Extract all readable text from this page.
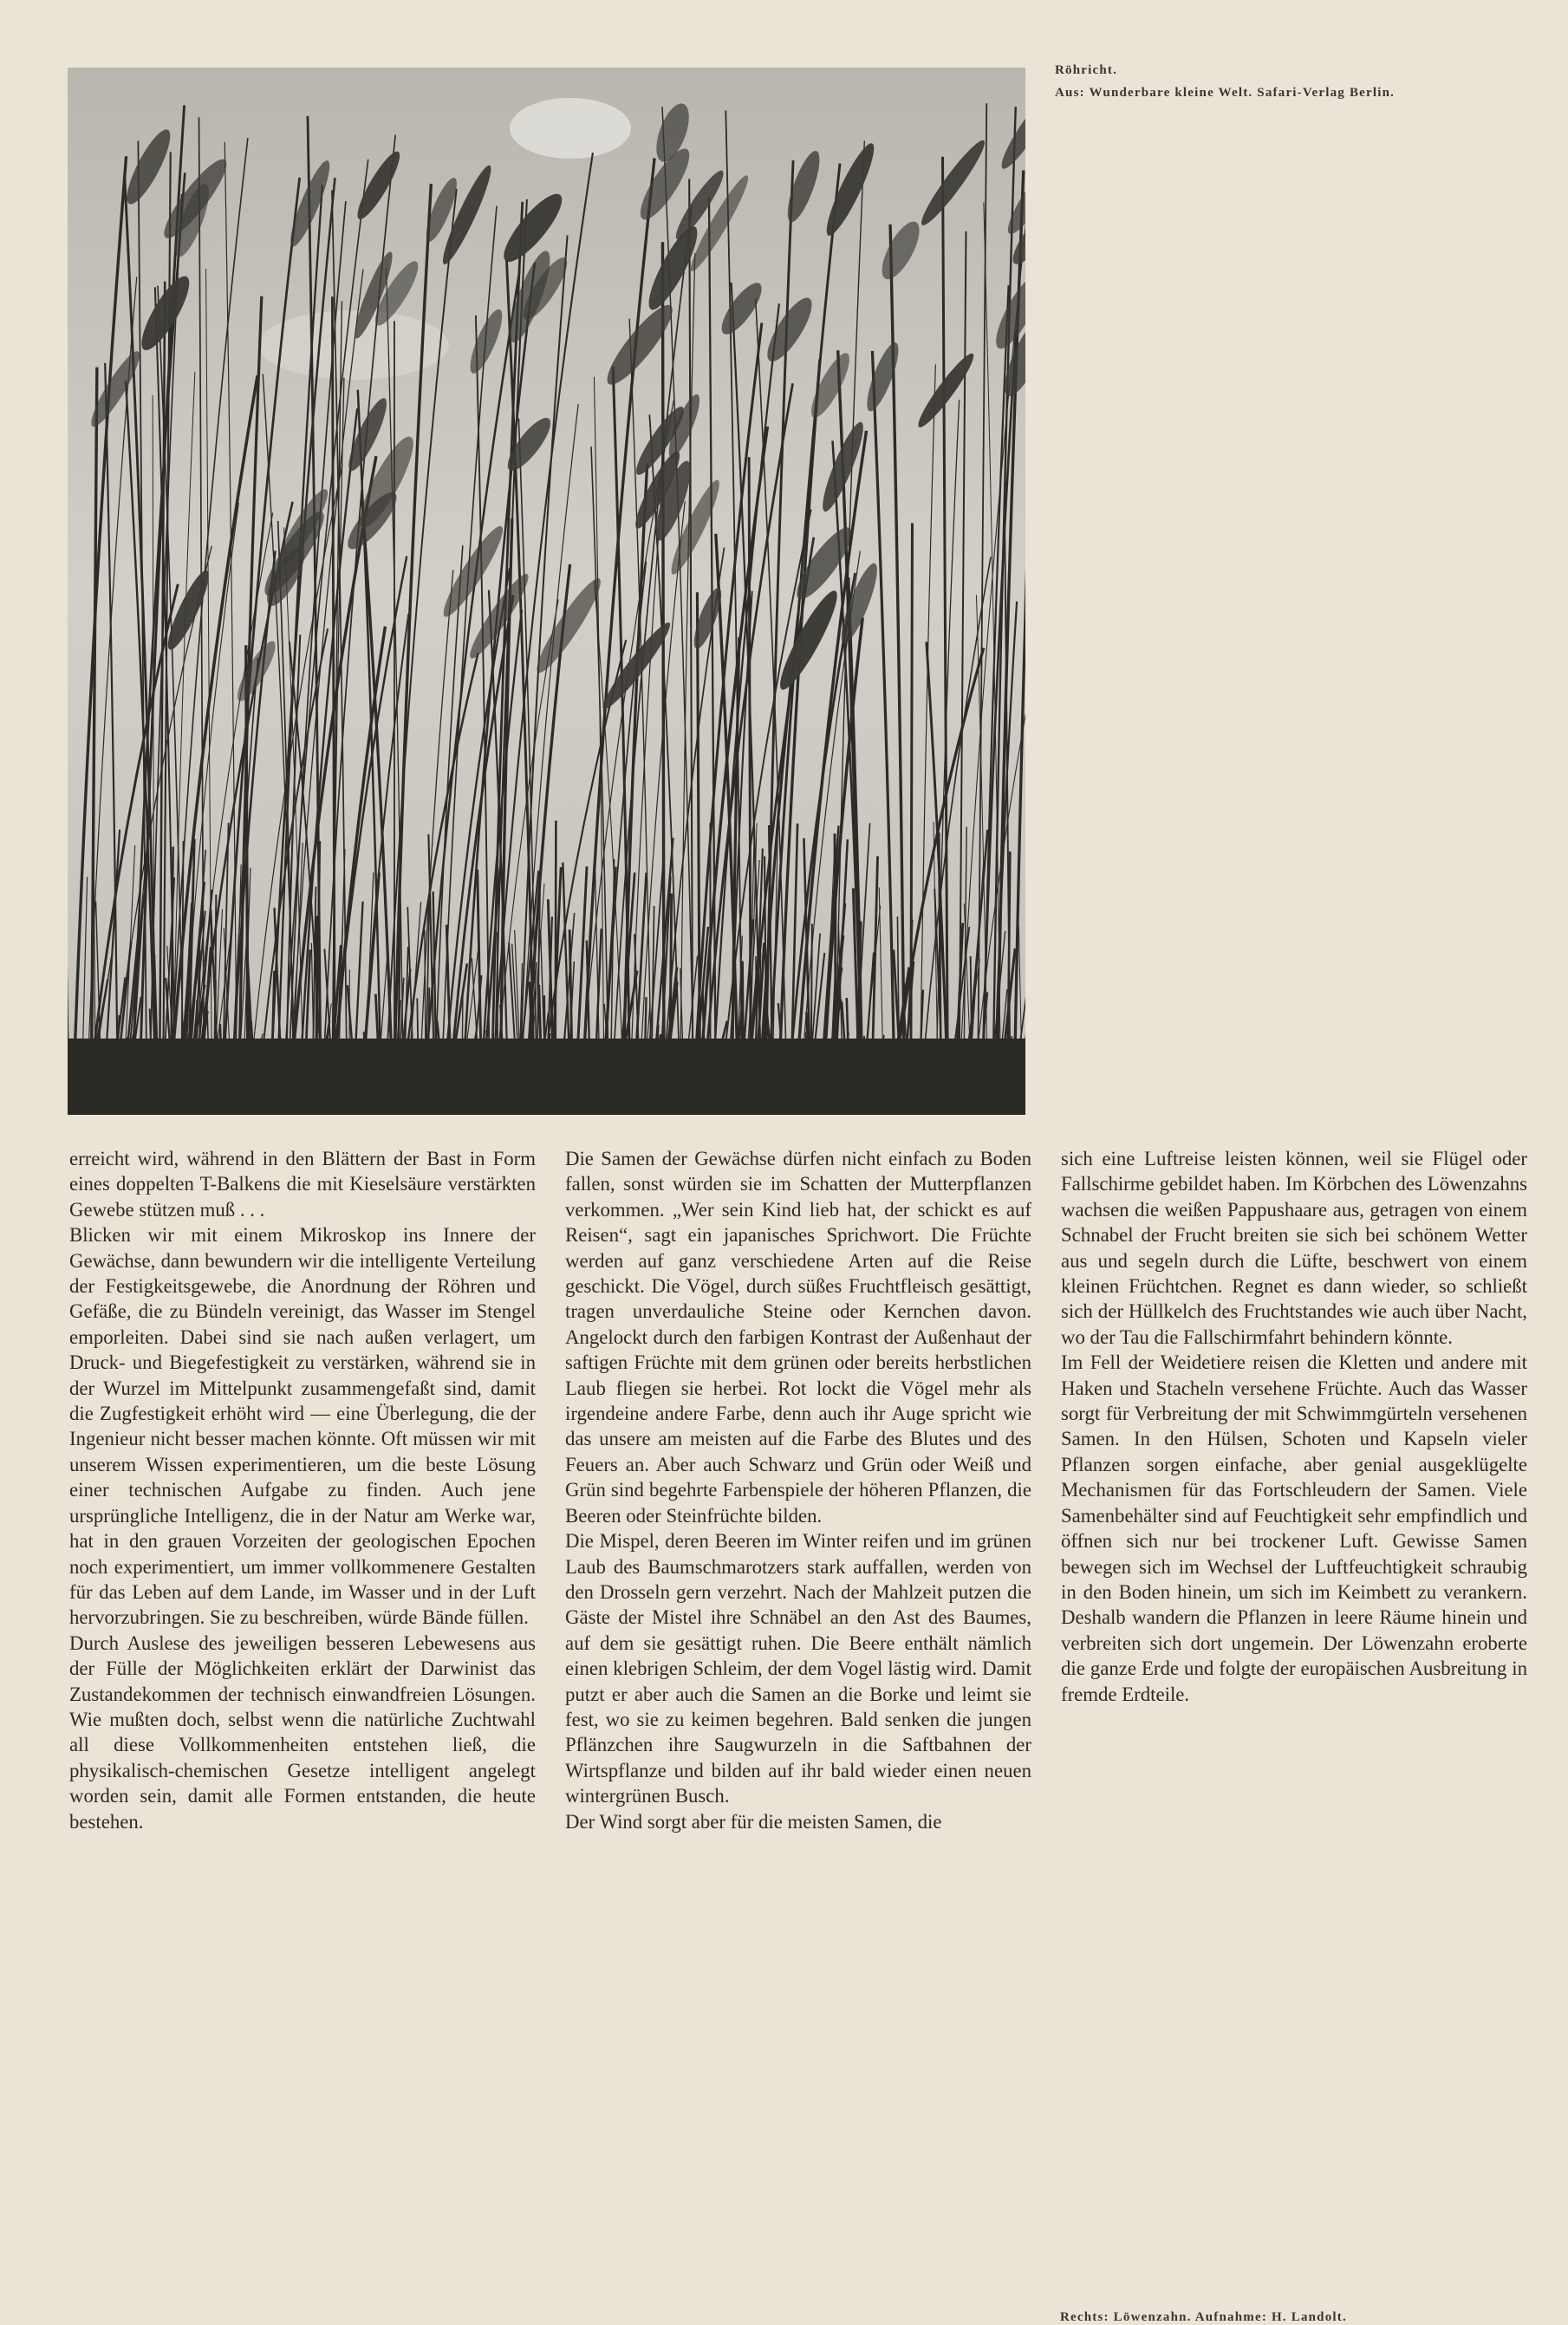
Röhricht.
Aus: Wunderbare kleine Welt. Safari-Verlag Berlin.

erreicht wird, während in den Blättern der Bast in Form eines doppelten T-Balkens die mit Kieselsäure verstärkten Gewebe stützen muß . . .

Blicken wir mit einem Mikroskop ins Innere der Gewächse, dann bewundern wir die intelligente Verteilung der Festigkeitsgewebe, die Anordnung der Röhren und Gefäße, die zu Bündeln vereinigt, das Wasser im Stengel emporleiten. Dabei sind sie nach außen verlagert, um Druck- und Biegefestigkeit zu verstärken, während sie in der Wurzel im Mittelpunkt zusammengefaßt sind, damit die Zugfestigkeit erhöht wird — eine Überlegung, die der Ingenieur nicht besser machen könnte. Oft müssen wir mit unserem Wissen experimentieren, um die beste Lösung einer technischen Aufgabe zu finden. Auch jene ursprüngliche Intelligenz, die in der Natur am Werke war, hat in den grauen Vorzeiten der geologischen Epochen noch experimentiert, um immer vollkommenere Gestalten für das Leben auf dem Lande, im Wasser und in der Luft hervorzubringen. Sie zu beschreiben, würde Bände füllen.

Durch Auslese des jeweiligen besseren Lebewesens aus der Fülle der Möglichkeiten erklärt der Darwinist das Zustandekommen der technisch einwandfreien Lösungen. Wie mußten doch, selbst wenn die natürliche Zuchtwahl all diese Vollkommenheiten entstehen ließ, die physikalisch-chemischen Gesetze intelligent angelegt worden sein, damit alle Formen entstanden, die heute bestehen.

Die Samen der Gewächse dürfen nicht einfach zu Boden fallen, sonst würden sie im Schatten der Mutterpflanzen verkommen. „Wer sein Kind lieb hat, der schickt es auf Reisen“, sagt ein japanisches Sprichwort. Die Früchte werden auf ganz verschiedene Arten auf die Reise geschickt. Die Vögel, durch süßes Fruchtfleisch gesättigt, tragen unverdauliche Steine oder Kernchen davon. Angelockt durch den farbigen Kontrast der Außenhaut der saftigen Früchte mit dem grünen oder bereits herbstlichen Laub fliegen sie herbei. Rot lockt die Vögel mehr als irgendeine andere Farbe, denn auch ihr Auge spricht wie das unsere am meisten auf die Farbe des Blutes und des Feuers an. Aber auch Schwarz und Grün oder Weiß und Grün sind begehrte Farbenspiele der höheren Pflanzen, die Beeren oder Steinfrüchte bilden.

Die Mispel, deren Beeren im Winter reifen und im grünen Laub des Baumschmarotzers stark auffallen, werden von den Drosseln gern verzehrt. Nach der Mahlzeit putzen die Gäste der Mistel ihre Schnäbel an den Ast des Baumes, auf dem sie gesättigt ruhen. Die Beere enthält nämlich einen klebrigen Schleim, der dem Vogel lästig wird. Damit putzt er aber auch die Samen an die Borke und leimt sie fest, wo sie zu keimen begehren. Bald senken die jungen Pflänzchen ihre Saugwurzeln in die Saftbahnen der Wirtspflanze und bilden auf ihr bald wieder einen neuen wintergrünen Busch.

Der Wind sorgt aber für die meisten Samen, die

sich eine Luftreise leisten können, weil sie Flügel oder Fallschirme gebildet haben. Im Körbchen des Löwenzahns wachsen die weißen Pappushaare aus, getragen von einem Schnabel der Frucht breiten sie sich bei schönem Wetter aus und segeln durch die Lüfte, beschwert von einem kleinen Früchtchen. Regnet es dann wieder, so schließt sich der Hüllkelch des Fruchtstandes wie auch über Nacht, wo der Tau die Fallschirmfahrt behindern könnte.

Im Fell der Weidetiere reisen die Kletten und andere mit Haken und Stacheln versehene Früchte. Auch das Wasser sorgt für Verbreitung der mit Schwimmgürteln versehenen Samen. In den Hülsen, Schoten und Kapseln vieler Pflanzen sorgen einfache, aber genial ausgeklügelte Mechanismen für das Fortschleudern der Samen. Viele Samenbehälter sind auf Feuchtigkeit sehr empfindlich und öffnen sich nur bei trockener Luft. Gewisse Samen bewegen sich im Wechsel der Luftfeuchtigkeit schraubig in den Boden hinein, um sich im Keimbett zu verankern. Deshalb wandern die Pflanzen in leere Räume hinein und verbreiten sich dort ungemein. Der Löwenzahn eroberte die ganze Erde und folgte der europäischen Ausbreitung in fremde Erdteile.

Rechts: Löwenzahn. Aufnahme: H. Landolt.
